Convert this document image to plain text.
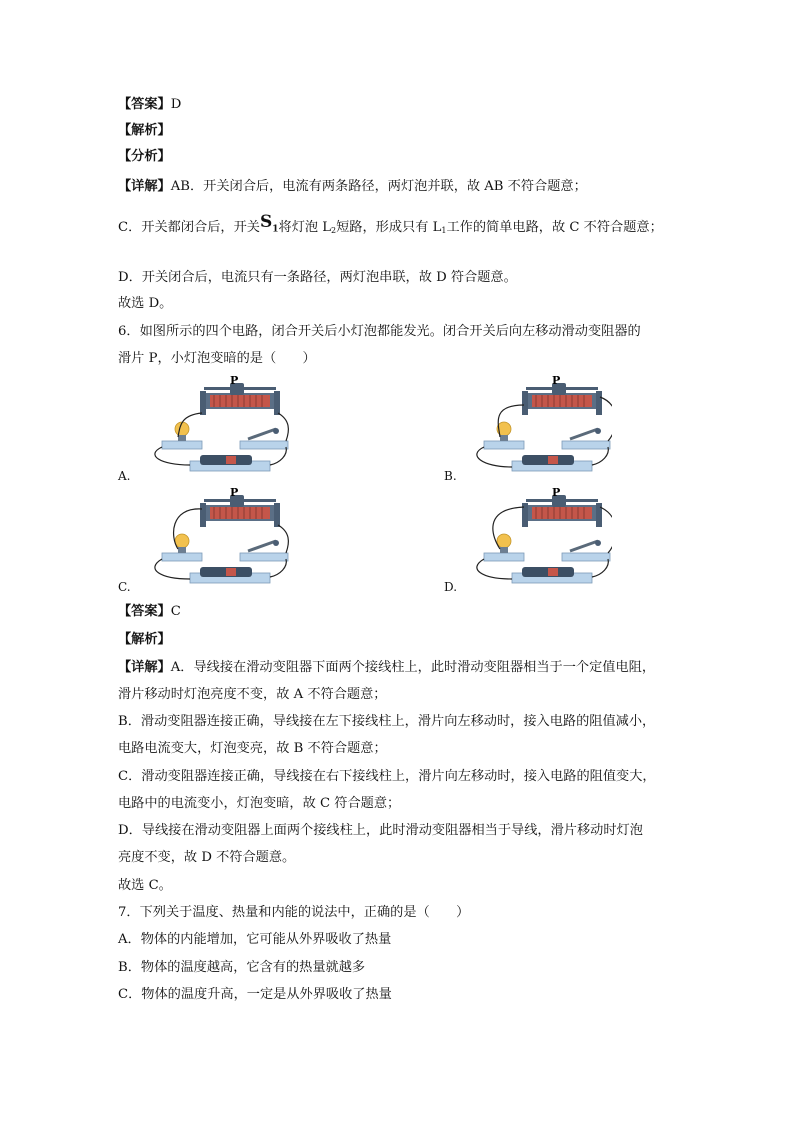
【答案】D
【解析】
【分析】
【详解】AB．开关闭合后，电流有两条路径，两灯泡并联，故 AB 不符合题意；
C．开关都闭合后，开关$S_1$将灯泡 $L_2$短路，形成只有 $L_1$工作的简单电路，故 C 不符合题意；
D．开关闭合后，电流只有一条路径，两灯泡串联，故 D 符合题意。
故选 D。
6．如图所示的四个电路，闭合开关后小灯泡都能发光。闭合开关后向左移动滑动变阻器的
滑片 P，小灯泡变暗的是（　　）
P
A.
P
B.
P
C.
P
D.
【答案】C
【解析】
【详解】A．导线接在滑动变阻器下面两个接线柱上，此时滑动变阻器相当于一个定值电阻，
滑片移动时灯泡亮度不变，故 A 不符合题意；
B．滑动变阻器连接正确，导线接在左下接线柱上，滑片向左移动时，接入电路的阻值减小，
电路电流变大，灯泡变亮，故 B 不符合题意；
C．滑动变阻器连接正确，导线接在右下接线柱上，滑片向左移动时，接入电路的阻值变大，
电路中的电流变小，灯泡变暗，故 C 符合题意；
D．导线接在滑动变阻器上面两个接线柱上，此时滑动变阻器相当于导线，滑片移动时灯泡
亮度不变，故 D 不符合题意。
故选 C。
7．下列关于温度、热量和内能的说法中，正确的是（　　）
A．物体的内能增加，它可能从外界吸收了热量
B．物体的温度越高，它含有的热量就越多
C．物体的温度升高，一定是从外界吸收了热量
